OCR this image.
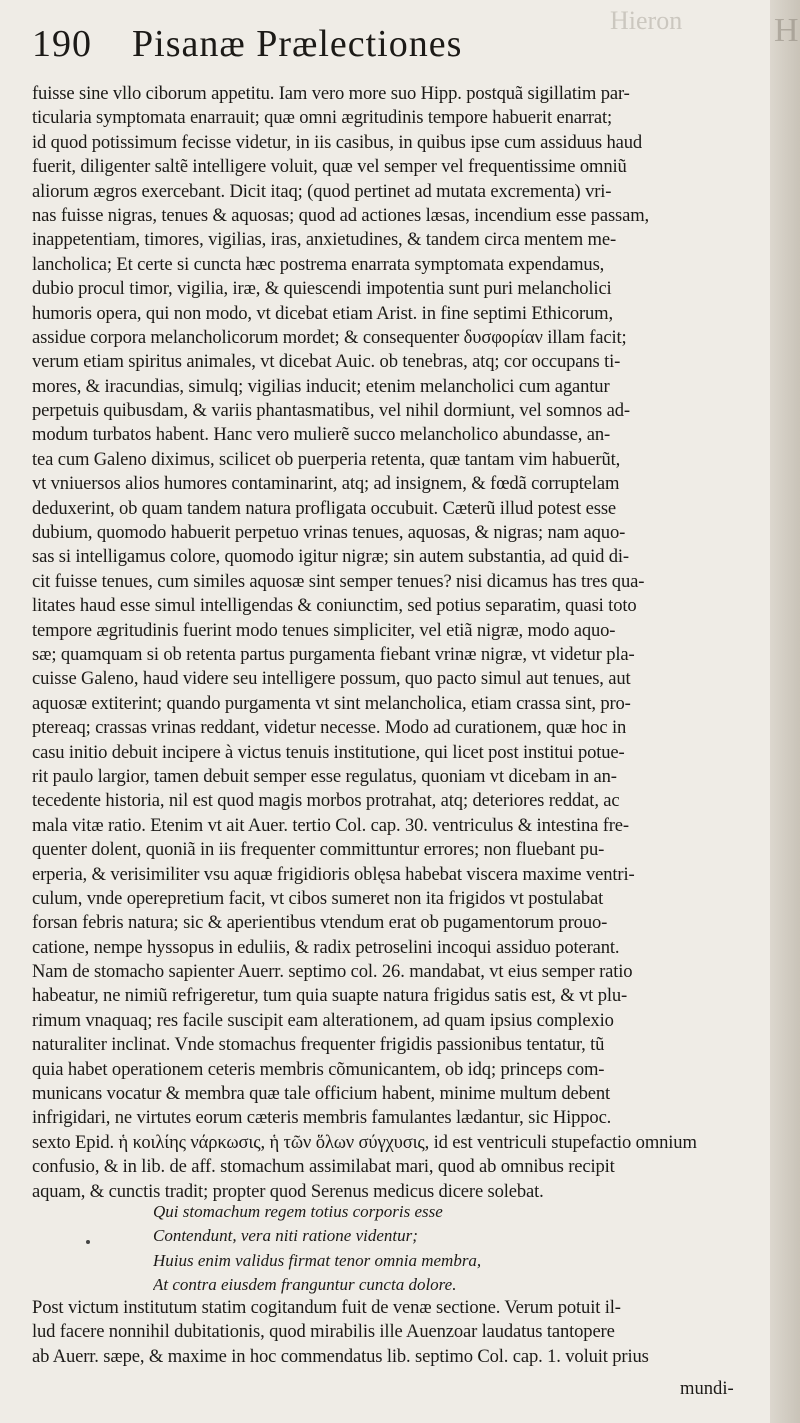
Hieron
190 Pisanæ Prælectiones
fuisse sine vllo ciborum appetitu. Iam vero more suo Hipp. postquã sigillatim par-
ticularia symptomata enarrauit; quæ omni ægritudinis tempore habuerit enarrat;
id quod potissimum fecisse videtur, in iis casibus, in quibus ipse cum assiduus haud
fuerit, diligenter saltẽ intelligere voluit, quæ vel semper vel frequentissime omniũ
aliorum ægros exercebant. Dicit itaq; (quod pertinet ad mutata excrementa) vri-
nas fuisse nigras, tenues & aquosas; quod ad actiones læsas, incendium esse passam,
inappetentiam, timores, vigilias, iras, anxietudines, & tandem circa mentem me-
lancholica; Et certe si cuncta hæc postrema enarrata symptomata expendamus,
dubio procul timor, vigilia, iræ, & quiescendi impotentia sunt puri melancholici
humoris opera, qui non modo, vt dicebat etiam Arist. in fine septimi Ethicorum,
assidue corpora melancholicorum mordet; & consequenter δυσφορίαν illam facit;
verum etiam spiritus animales, vt dicebat Auic. ob tenebras, atq; cor occupans ti-
mores, & iracundias, simulq; vigilias inducit; etenim melancholici cum agantur
perpetuis quibusdam, & variis phantasmatibus, vel nihil dormiunt, vel somnos ad-
modum turbatos habent. Hanc vero mulierẽ succo melancholico abundasse, an-
tea cum Galeno diximus, scilicet ob puerperia retenta, quæ tantam vim habuerũt,
vt vniuersos alios humores contaminarint, atq; ad insignem, & fœdã corruptelam
deduxerint, ob quam tandem natura profligata occubuit. Cæterũ illud potest esse
dubium, quomodo habuerit perpetuo vrinas tenues, aquosas, & nigras; nam aquo-
sas si intelligamus colore, quomodo igitur nigræ; sin autem substantia, ad quid di-
cit fuisse tenues, cum similes aquosæ sint semper tenues? nisi dicamus has tres qua-
litates haud esse simul intelligendas & coniunctim, sed potius separatim, quasi toto
tempore ægritudinis fuerint modo tenues simpliciter, vel etiã nigræ, modo aquo-
sæ; quamquam si ob retenta partus purgamenta fiebant vrinæ nigræ, vt videtur pla-
cuisse Galeno, haud videre seu intelligere possum, quo pacto simul aut tenues, aut
aquosæ extiterint; quando purgamenta vt sint melancholica, etiam crassa sint, pro-
ptereaq; crassas vrinas reddant, videtur necesse. Modo ad curationem, quæ hoc in
casu initio debuit incipere à victus tenuis institutione, qui licet post institui potue-
rit paulo largior, tamen debuit semper esse regulatus, quoniam vt dicebam in an-
tecedente historia, nil est quod magis morbos protrahat, atq; deteriores reddat, ac
mala vitæ ratio. Etenim vt ait Auer. tertio Col. cap. 30. ventriculus & intestina fre-
quenter dolent, quoniã in iis frequenter committuntur errores; non fluebant pu-
erperia, & verisimiliter vsu aquæ frigidioris oblęsa habebat viscera maxime ventri-
culum, vnde operepretium facit, vt cibos sumeret non ita frigidos vt postulabat
forsan febris natura; sic & aperientibus vtendum erat ob pugamentorum prouo-
catione, nempe hyssopus in eduliis, & radix petroselini incoqui assiduo poterant.
Nam de stomacho sapienter Auerr. septimo col. 26. mandabat, vt eius semper ratio
habeatur, ne nimiũ refrigeretur, tum quia suapte natura frigidus satis est, & vt plu-
rimum vnaquaq; res facile suscipit eam alterationem, ad quam ipsius complexio
naturaliter inclinat. Vnde stomachus frequenter frigidis passionibus tentatur, tũ
quia habet operationem ceteris membris cõmunicantem, ob idq; princeps com-
municans vocatur & membra quæ tale officium habent, minime multum debent
infrigidari, ne virtutes eorum cæteris membris famulantes lædantur, sic Hippoc.
sexto Epid. ἡ κοιλίης νάρκωσις, ἡ τῶν ὅλων σύγχυσις, id est ventriculi stupefactio omnium
confusio, & in lib. de aff. stomachum assimilabat mari, quod ab omnibus recipit
aquam, & cunctis tradit; propter quod Serenus medicus dicere solebat.
Qui stomachum regem totius corporis esse
Contendunt, vera niti ratione videntur;
Huius enim validus firmat tenor omnia membra,
At contra eiusdem franguntur cuncta dolore.
Post victum institutum statim cogitandum fuit de venæ sectione. Verum potuit il-
lud facere nonnihil dubitationis, quod mirabilis ille Auenzoar laudatus tantopere
ab Auerr. sæpe, & maxime in hoc commendatus lib. septimo Col. cap. 1. voluit prius
mundi-
H
